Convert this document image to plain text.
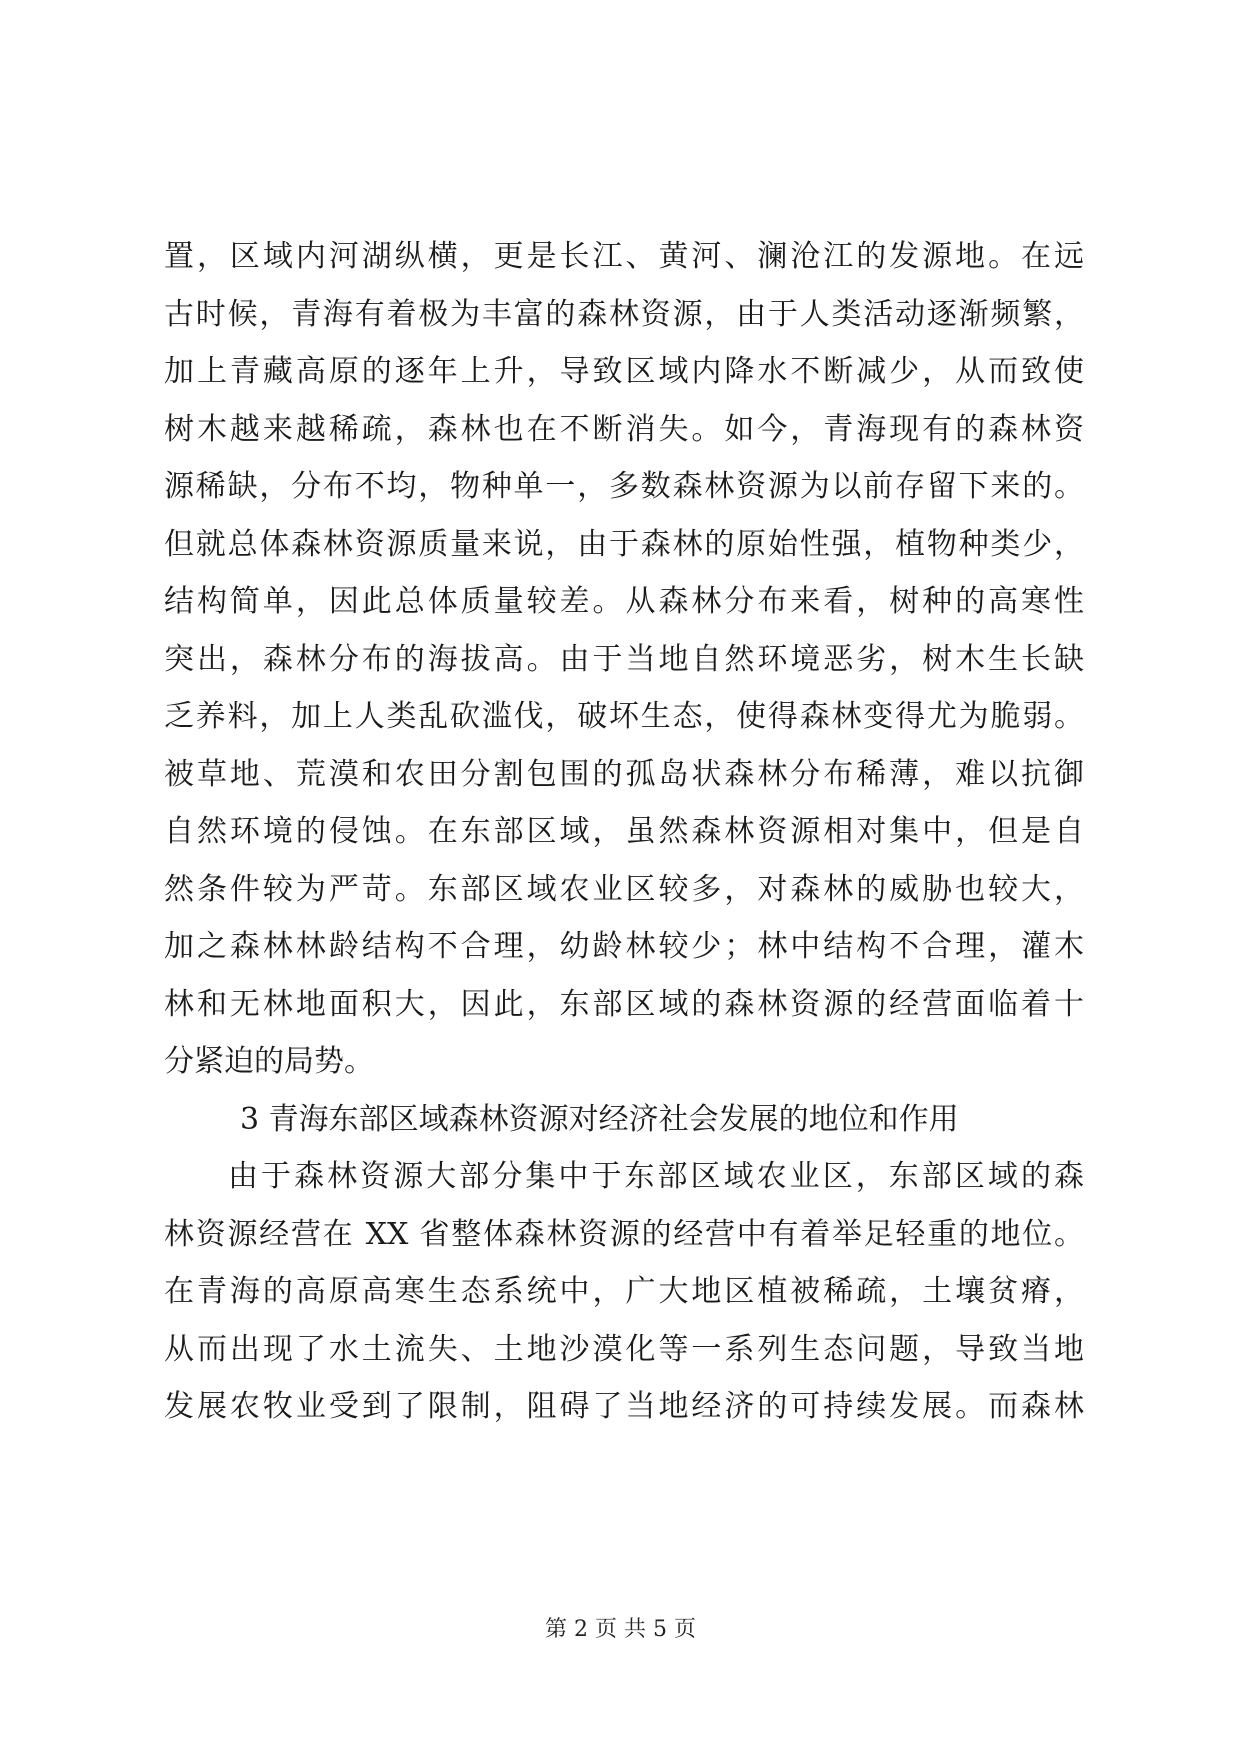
置，区域内河湖纵横，更是长江、黄河、澜沧江的发源地。在远
古时候，青海有着极为丰富的森林资源，由于人类活动逐渐频繁，
加上青藏高原的逐年上升，导致区域内降水不断减少，从而致使
树木越来越稀疏，森林也在不断消失。如今，青海现有的森林资
源稀缺，分布不均，物种单一，多数森林资源为以前存留下来的。
但就总体森林资源质量来说，由于森林的原始性强，植物种类少，
结构简单，因此总体质量较差。从森林分布来看，树种的高寒性
突出，森林分布的海拔高。由于当地自然环境恶劣，树木生长缺
乏养料，加上人类乱砍滥伐，破坏生态，使得森林变得尤为脆弱。
被草地、荒漠和农田分割包围的孤岛状森林分布稀薄，难以抗御
自然环境的侵蚀。在东部区域，虽然森林资源相对集中，但是自
然条件较为严苛。东部区域农业区较多，对森林的威胁也较大，
加之森林林龄结构不合理，幼龄林较少；林中结构不合理，灌木
林和无林地面积大，因此，东部区域的森林资源的经营面临着十
分紧迫的局势。
3 青海东部区域森林资源对经济社会发展的地位和作用
由于森林资源大部分集中于东部区域农业区，东部区域的森
林资源经营在 XX 省整体森林资源的经营中有着举足轻重的地位。
在青海的高原高寒生态系统中，广大地区植被稀疏，土壤贫瘠，
从而出现了水土流失、土地沙漠化等一系列生态问题，导致当地
发展农牧业受到了限制，阻碍了当地经济的可持续发展。而森林
第 2 页 共 5 页
